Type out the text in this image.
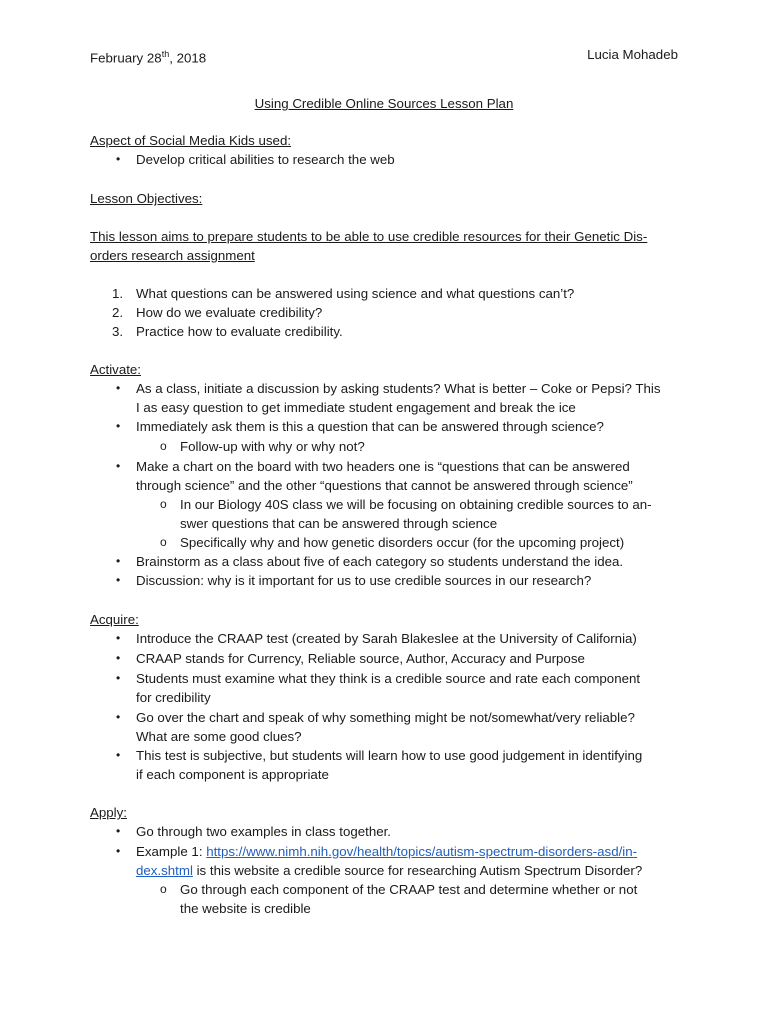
February 28th, 2018	Lucia Mohadeb
Using Credible Online Sources Lesson Plan
Aspect of Social Media Kids used:
• Develop critical abilities to research the web
Lesson Objectives:
This lesson aims to prepare students to be able to use credible resources for their Genetic Dis-
orders research assignment
1. What questions can be answered using science and what questions can’t?
2. How do we evaluate credibility?
3. Practice how to evaluate credibility.
Activate:
• As a class, initiate a discussion by asking students? What is better – Coke or Pepsi? This
I as easy question to get immediate student engagement and break the ice
• Immediately ask them is this a question that can be answered through science?
o Follow-up with why or why not?
• Make a chart on the board with two headers one is “questions that can be answered
through science” and the other “questions that cannot be answered through science”
o In our Biology 40S class we will be focusing on obtaining credible sources to an-
swer questions that can be answered through science
o Specifically why and how genetic disorders occur (for the upcoming project)
• Brainstorm as a class about five of each category so students understand the idea.
• Discussion: why is it important for us to use credible sources in our research?
Acquire:
• Introduce the CRAAP test (created by Sarah Blakeslee at the University of California)
• CRAAP stands for Currency, Reliable source, Author, Accuracy and Purpose
• Students must examine what they think is a credible source and rate each component
for credibility
• Go over the chart and speak of why something might be not/somewhat/very reliable?
What are some good clues?
• This test is subjective, but students will learn how to use good judgement in identifying
if each component is appropriate
Apply:
• Go through two examples in class together.
• Example 1: https://www.nimh.nih.gov/health/topics/autism-spectrum-disorders-asd/in-
dex.shtml is this website a credible source for researching Autism Spectrum Disorder?
o Go through each component of the CRAAP test and determine whether or not
the website is credible
